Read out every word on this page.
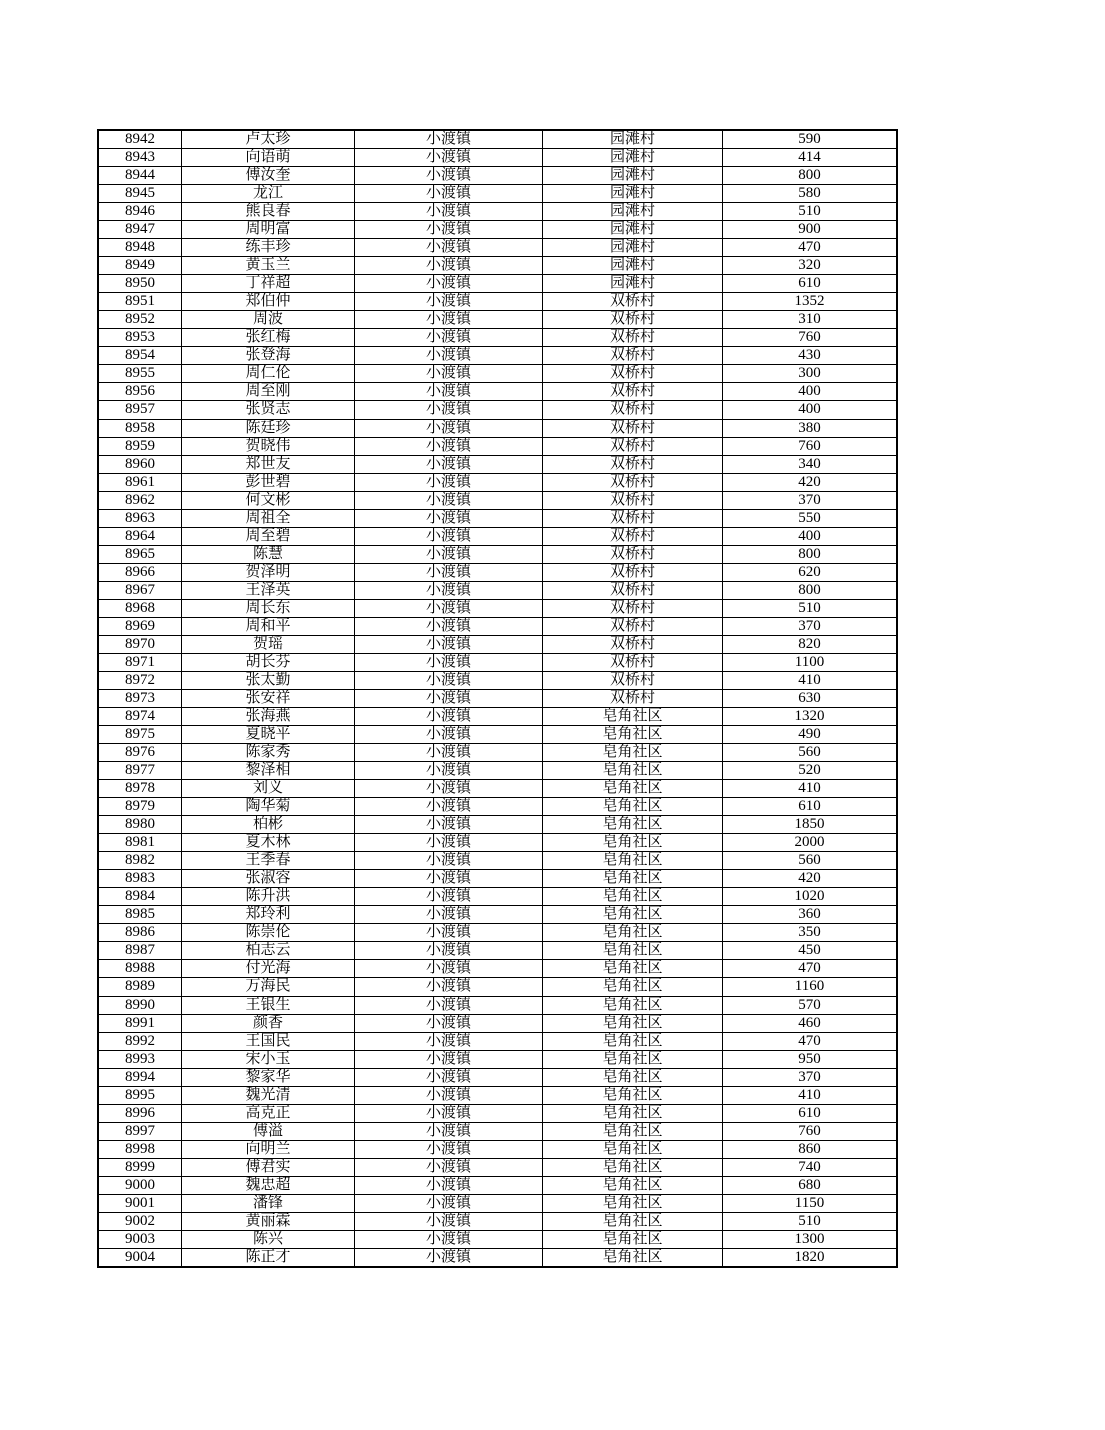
8942	卢太珍	小渡镇	园滩村	590
8943	向语萌	小渡镇	园滩村	414
8944	傅汝奎	小渡镇	园滩村	800
8945	龙江	小渡镇	园滩村	580
8946	熊良春	小渡镇	园滩村	510
8947	周明富	小渡镇	园滩村	900
8948	练丰珍	小渡镇	园滩村	470
8949	黄玉兰	小渡镇	园滩村	320
8950	丁祥超	小渡镇	园滩村	610
8951	郑伯仲	小渡镇	双桥村	1352
8952	周波	小渡镇	双桥村	310
8953	张红梅	小渡镇	双桥村	760
8954	张登海	小渡镇	双桥村	430
8955	周仁伦	小渡镇	双桥村	300
8956	周至刚	小渡镇	双桥村	400
8957	张贤志	小渡镇	双桥村	400
8958	陈廷珍	小渡镇	双桥村	380
8959	贺晓伟	小渡镇	双桥村	760
8960	郑世友	小渡镇	双桥村	340
8961	彭世碧	小渡镇	双桥村	420
8962	何文彬	小渡镇	双桥村	370
8963	周祖全	小渡镇	双桥村	550
8964	周至碧	小渡镇	双桥村	400
8965	陈慧	小渡镇	双桥村	800
8966	贺泽明	小渡镇	双桥村	620
8967	王泽英	小渡镇	双桥村	800
8968	周长东	小渡镇	双桥村	510
8969	周和平	小渡镇	双桥村	370
8970	贺瑶	小渡镇	双桥村	820
8971	胡长芬	小渡镇	双桥村	1100
8972	张太勤	小渡镇	双桥村	410
8973	张安祥	小渡镇	双桥村	630
8974	张海燕	小渡镇	皂角社区	1320
8975	夏晓平	小渡镇	皂角社区	490
8976	陈家秀	小渡镇	皂角社区	560
8977	黎泽相	小渡镇	皂角社区	520
8978	刘义	小渡镇	皂角社区	410
8979	陶华菊	小渡镇	皂角社区	610
8980	柏彬	小渡镇	皂角社区	1850
8981	夏木林	小渡镇	皂角社区	2000
8982	王季春	小渡镇	皂角社区	560
8983	张淑容	小渡镇	皂角社区	420
8984	陈升洪	小渡镇	皂角社区	1020
8985	郑玲利	小渡镇	皂角社区	360
8986	陈崇伦	小渡镇	皂角社区	350
8987	柏志云	小渡镇	皂角社区	450
8988	付光海	小渡镇	皂角社区	470
8989	万海民	小渡镇	皂角社区	1160
8990	王银生	小渡镇	皂角社区	570
8991	颜香	小渡镇	皂角社区	460
8992	王国民	小渡镇	皂角社区	470
8993	宋小玉	小渡镇	皂角社区	950
8994	黎家华	小渡镇	皂角社区	370
8995	魏光清	小渡镇	皂角社区	410
8996	高克正	小渡镇	皂角社区	610
8997	傅溢	小渡镇	皂角社区	760
8998	向明兰	小渡镇	皂角社区	860
8999	傅君实	小渡镇	皂角社区	740
9000	魏忠超	小渡镇	皂角社区	680
9001	潘锋	小渡镇	皂角社区	1150
9002	黄丽霖	小渡镇	皂角社区	510
9003	陈兴	小渡镇	皂角社区	1300
9004	陈正才	小渡镇	皂角社区	1820
